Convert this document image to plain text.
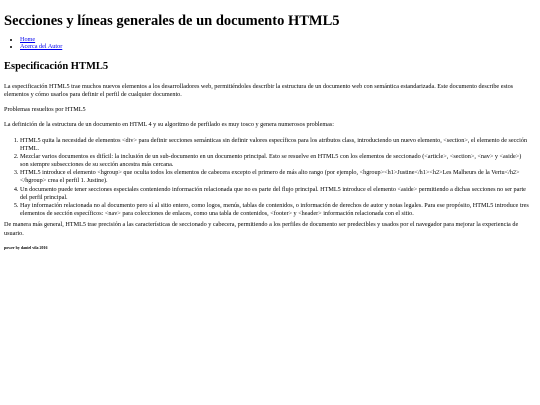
Secciones y líneas generales de un documento HTML5
• Home
• Acerca del Autor
Especificación HTML5

La especificación HTML5 trae muchos nuevos elementos a los desarrolladores web, permitiéndoles describir la estructura de un documento web con semántica estandarizada. Este documento describe estos elementos y cómo usarlos para definir el perfil de cualquier documento.

Problemas resueltos por HTML5

La definición de la estructura de un documento en HTML 4 y su algoritmo de perfilado es muy tosco y genera numerosos problemas:

1. HTML5 quita la necesidad de elementos <div> para definir secciones semánticas sin definir valores específicos para los atributos class, introduciendo un nuevo elemento, <section>, el elemento de sección HTML.
2. Mezclar varios documentos es difícil: la inclusión de un sub-documento en un documento principal. Esto se resuelve en HTML5 con los elementos de seccionado (<article>, <section>, <nav> y <aside>) son siempre subsecciones de su sección ancestra más cercana.
3. HTML5 introduce el elemento <hgroup> que oculta todos los elementos de cabecera excepto el primero de más alto rango (por ejemplo, <hgroup><h1>Justine</h1><h2>Les Malheurs de la Vertu</h2></hgroup> crea el perfil 1. Justine).
4. Un documento puede tener secciones especiales conteniendo información relacionada que no es parte del flujo principal. HTML5 introduce el elemento <aside> permitiendo a dichas secciones no ser parte del perfil principal.
5. Hay información relacionada no al documento pero sí al sitio entero, como logos, menús, tablas de contenidos, o información de derechos de autor y notas legales. Para ese propósito, HTML5 introduce tres elementos de sección específicos: <nav> para colecciones de enlaces, como una tabla de contenidos, <footer> y <header> información relacionada con el sitio.

De manera más general, HTML5 trae precisión a las características de seccionado y cabecera, permitiendo a los perfiles de documento ser predecibles y usados por el navegador para mejorar la experiencia de usuario.

power by daniel vila 2016
